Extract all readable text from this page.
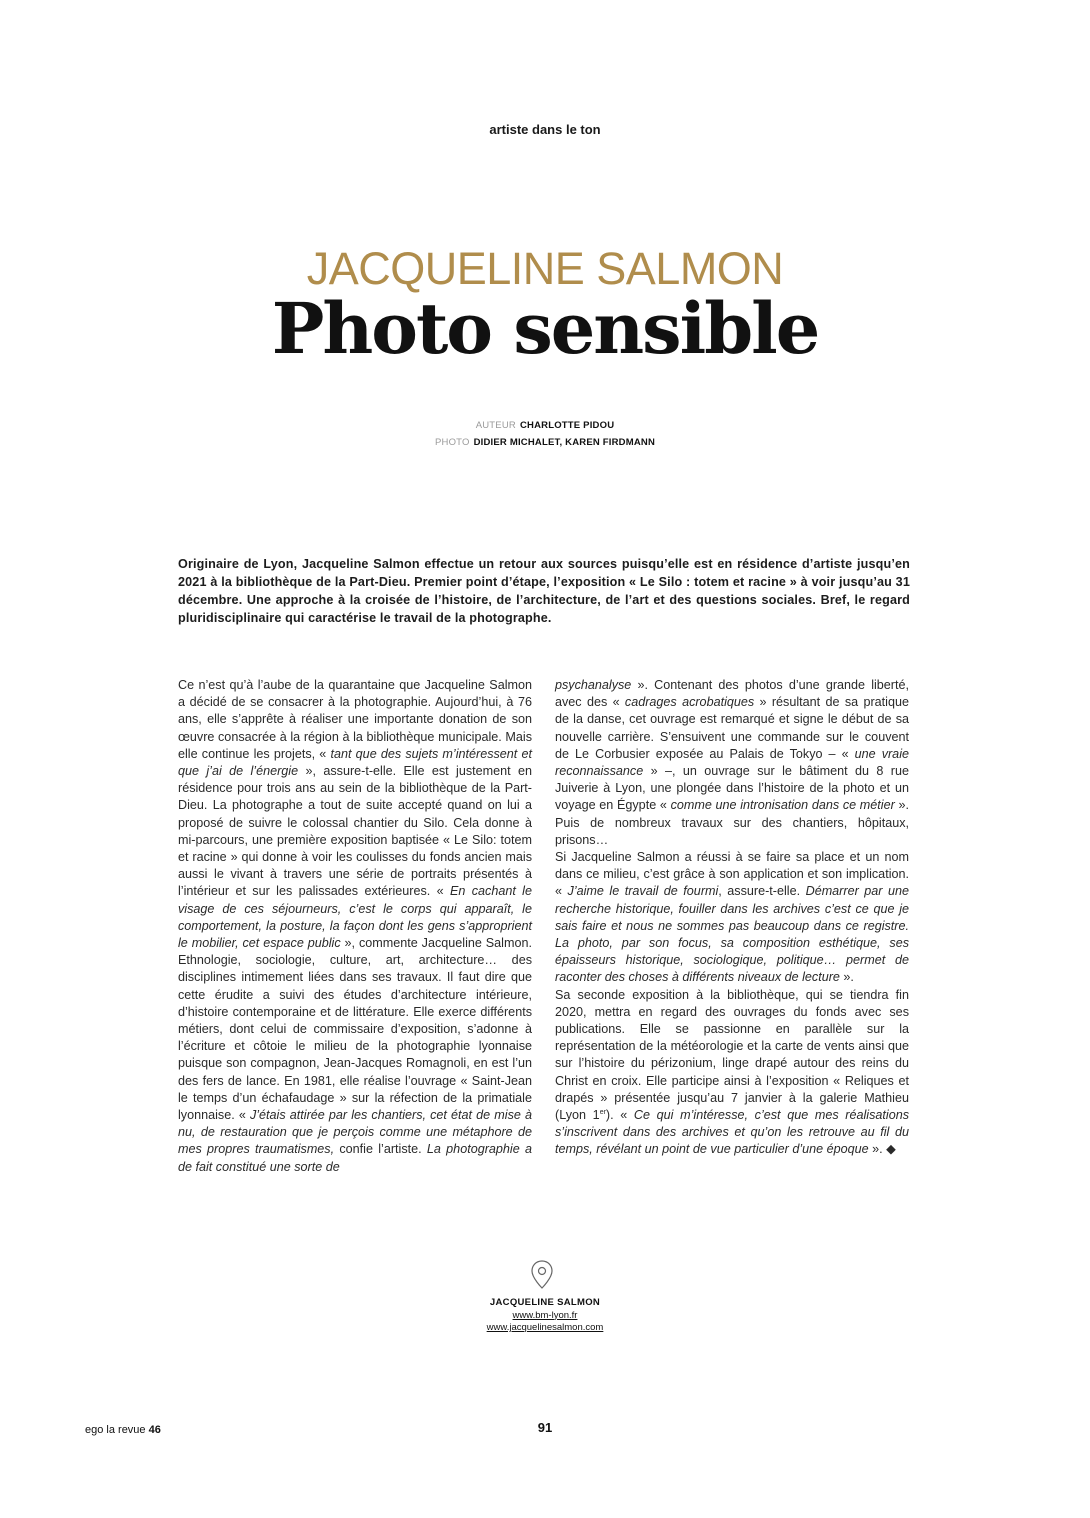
artiste dans le ton
JACQUELINE SALMON
Photo sensible
AUTEUR CHARLOTTE PIDOU
PHOTO DIDIER MICHALET, KAREN FIRDMANN
Originaire de Lyon, Jacqueline Salmon effectue un retour aux sources puisqu’elle est en résidence d’artiste jusqu’en 2021 à la bibliothèque de la Part-Dieu. Premier point d’étape, l’exposition « Le Silo : totem et racine » à voir jusqu’au 31 décembre. Une approche à la croisée de l’histoire, de l’architecture, de l’art et des questions sociales. Bref, le regard pluridisciplinaire qui caractérise le travail de la photographe.

Ce n’est qu’à l’aube de la quarantaine que Jacqueline Salmon a décidé de se consacrer à la photographie. Aujourd’hui, à 76 ans, elle s’apprête à réaliser une importante donation de son œuvre consacrée à la région à la bibliothèque municipale. Mais elle continue les projets, « tant que des sujets m’intéressent et que j’ai de l’énergie », assure-t-elle. Elle est justement en résidence pour trois ans au sein de la bibliothèque de la Part-Dieu. La photographe a tout de suite accepté quand on lui a proposé de suivre le colossal chantier du Silo. Cela donne à mi-parcours, une première exposition baptisée « Le Silo: totem et racine » qui donne à voir les coulisses du fonds ancien mais aussi le vivant à travers une série de portraits présentés à l’intérieur et sur les palissades extérieures. « En cachant le visage de ces séjourneurs, c’est le corps qui apparaît, le comportement, la posture, la façon dont les gens s’approprient le mobilier, cet espace public », commente Jacqueline Salmon. Ethnologie, sociologie, culture, art, architecture… des disciplines intimement liées dans ses travaux. Il faut dire que cette érudite a suivi des études d’architecture intérieure, d’histoire contemporaine et de littérature. Elle exerce différents métiers, dont celui de commissaire d’exposition, s’adonne à l’écriture et côtoie le milieu de la photographie lyonnaise puisque son compagnon, Jean-Jacques Romagnoli, en est l’un des fers de lance. En 1981, elle réalise l’ouvrage « Saint-Jean le temps d’un échafaudage » sur la réfection de la primatiale lyonnaise. « J’étais attirée par les chantiers, cet état de mise à nu, de restauration que je perçois comme une métaphore de mes propres traumatismes, confie l’artiste. La photographie a de fait constitué une sorte de

psychanalyse ». Contenant des photos d’une grande liberté, avec des « cadrages acrobatiques » résultant de sa pratique de la danse, cet ouvrage est remarqué et signe le début de sa nouvelle carrière. S’ensuivent une commande sur le couvent de Le Corbusier exposée au Palais de Tokyo – « une vraie reconnaissance » –, un ouvrage sur le bâtiment du 8 rue Juiverie à Lyon, une plongée dans l’histoire de la photo et un voyage en Égypte « comme une intronisation dans ce métier ». Puis de nombreux travaux sur des chantiers, hôpitaux, prisons…

Si Jacqueline Salmon a réussi à se faire sa place et un nom dans ce milieu, c’est grâce à son application et son implication. « J’aime le travail de fourmi, assure-t-elle. Démarrer par une recherche historique, fouiller dans les archives c’est ce que je sais faire et nous ne sommes pas beaucoup dans ce registre. La photo, par son focus, sa composition esthétique, ses épaisseurs historique, sociologique, politique… permet de raconter des choses à différents niveaux de lecture ».

Sa seconde exposition à la bibliothèque, qui se tiendra fin 2020, mettra en regard des ouvrages du fonds avec ses publications. Elle se passionne en parallèle sur la représentation de la météorologie et la carte de vents ainsi que sur l’histoire du périzonium, linge drapé autour des reins du Christ en croix. Elle participe ainsi à l’exposition « Reliques et drapés » présentée jusqu’au 7 janvier à la galerie Mathieu (Lyon 1er). « Ce qui m’intéresse, c’est que mes réalisations s’inscrivent dans des archives et qu’on les retrouve au fil du temps, révélant un point de vue particulier d’une époque ». ◆

JACQUELINE SALMON
www.bm-lyon.fr
www.jacquelinesalmon.com
ego la revue 46	91
